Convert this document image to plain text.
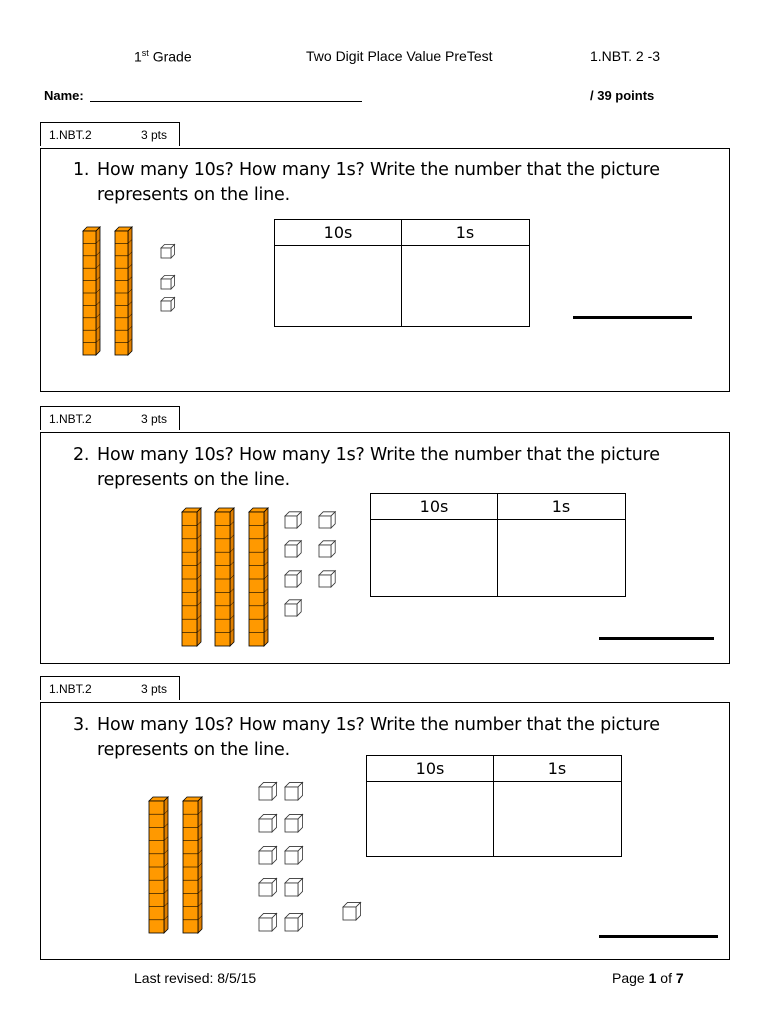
1st Grade	Two Digit Place Value PreTest	1.NBT. 2 -3
Name:	/ 39 points
1.NBT.2	3 pts
1. How many 10s? How many 1s? Write the number that the picture
represents on the line.
10s	1s
1.NBT.2	3 pts
2. How many 10s? How many 1s? Write the number that the picture
represents on the line.
10s	1s
1.NBT.2	3 pts
3. How many 10s? How many 1s? Write the number that the picture
represents on the line.
10s	1s
Last revised: 8/5/15	Page 1 of 7
